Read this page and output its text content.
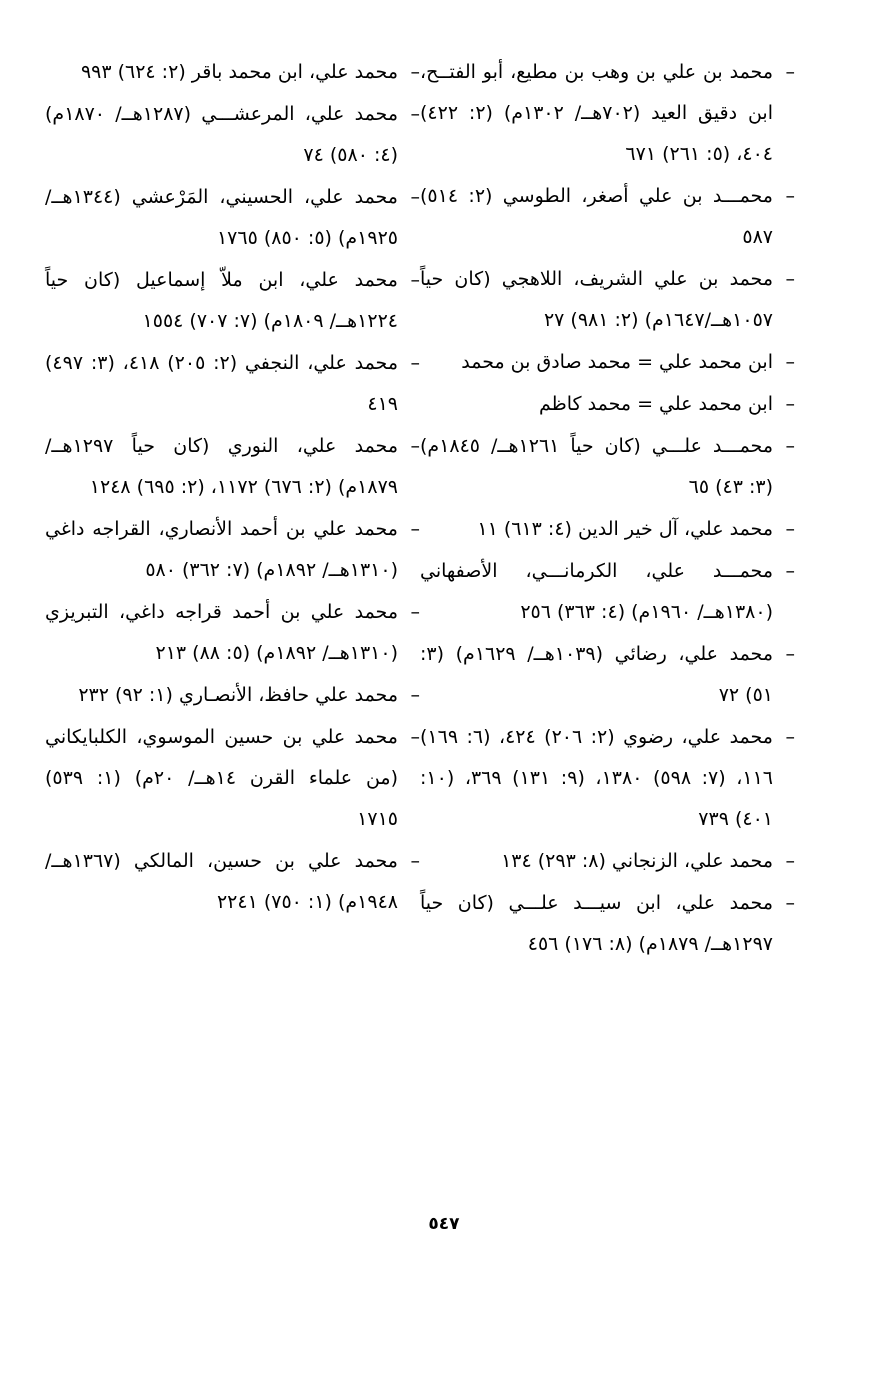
–
محمد بن علي بن وهب بن مطيع، أبو الفتــح، ابن دقيق العيد (٧٠٢هــ/ ١٣٠٢م) (٢: ٤٢٢) ٤٠٤، (٥: ٢٦١) ٦٧١
–
محمـــد بن علي أصغر، الطوسي (٢: ٥١٤) ٥٨٧
–
محمد بن علي الشريف، اللاهجي (كان حياً ١٠٥٧هــ/١٦٤٧م) (٢: ٩٨١) ٢٧
–
ابن محمد علي = محمد صادق بن محمد
–
ابن محمد علي = محمد كاظم
–
محمـــد علـــي (كان حياً ١٢٦١هــ/ ١٨٤٥م) (٣: ٤٣) ٦٥
–
محمد علي، آل خير الدين (٤: ٦١٣) ١١
–
محمـــد علي، الكرمانـــي، الأصفهاني (١٣٨٠هــ/ ١٩٦٠م) (٤: ٣٦٣) ٢٥٦
–
محمد علي، رضائي (١٠٣٩هــ/ ١٦٢٩م) (٣: ٥١) ٧٢
–
محمد علي، رضوي (٢: ٢٠٦) ٤٢٤، (٦: ١٦٩) ١١٦، (٧: ٥٩٨) ١٣٨٠، (٩: ١٣١) ٣٦٩، (١٠: ٤٠١) ٧٣٩
–
محمد علي، الزنجاني (٨: ٢٩٣) ١٣٤
–
محمد علي، ابن سيـــد علـــي (كان حياً ١٢٩٧هــ/ ١٨٧٩م) (٨: ١٧٦) ٤٥٦
–
محمد علي، ابن محمد باقر (٢: ٦٢٤) ٩٩٣
–
محمد علي، المرعشـــي (١٢٨٧هــ/ ١٨٧٠م) (٤: ٥٨٠) ٧٤
–
محمد علي، الحسيني، المَرْعشي (١٣٤٤هــ/ ١٩٢٥م) (٥: ٨٥٠) ١٧٦٥
–
محمد علي، ابن ملاّ إسماعيل (كان حياً ١٢٢٤هــ/ ١٨٠٩م) (٧: ٧٠٧) ١٥٥٤
–
محمد علي، النجفي (٢: ٢٠٥) ٤١٨، (٣: ٤٩٧) ٤١٩
–
محمد علي، النوري (كان حياً ١٢٩٧هــ/ ١٨٧٩م) (٢: ٦٧٦) ١١٧٢، (٢: ٦٩٥) ١٢٤٨
–
محمد علي بن أحمد الأنصاري، القراجه داغي (١٣١٠هــ/ ١٨٩٢م) (٧: ٣٦٢) ٥٨٠
–
محمد علي بن أحمد قراجه داغي، التبريزي (١٣١٠هــ/ ١٨٩٢م) (٥: ٨٨) ٢١٣
–
محمد علي حافظ، الأنصـاري (١: ٩٢) ٢٣٢
–
محمد علي بن حسين الموسوي، الكلبايكاني (من علماء القرن ١٤هــ/ ٢٠م) (١: ٥٣٩) ١٧١٥
–
محمد علي بن حسين، المالكي (١٣٦٧هــ/ ١٩٤٨م) (١: ٧٥٠) ٢٢٤١
٥٤٧
